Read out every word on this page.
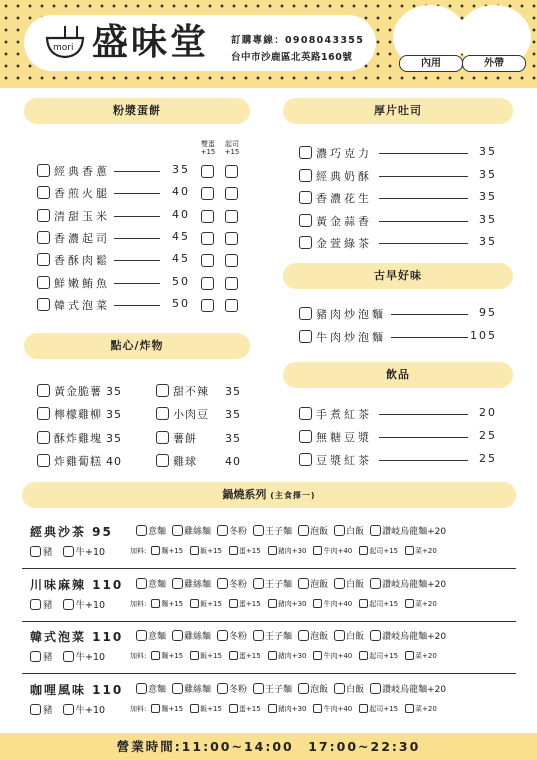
mori 盛味堂 訂購專線：0908043355
台中市沙鹿區北英路160號
內用	外帶
粉漿蛋餅
雙蛋
+15
起司
+15
經典香蔥	35
香煎火腿	40
清甜玉米	40
香濃起司	45
香酥肉鬆	45
鮮嫩鮪魚	50
韓式泡菜	50
點心/炸物
黃金脆薯 35
檸檬雞柳 35
酥炸雞塊 35
炸雞蔔糕 40
甜不辣 35
小肉豆 35
薯餅	35
雞球	40
厚片吐司
濃巧克力	35
經典奶酥	35
香濃花生	35
黃金蒜香	35
金萱綠茶	35
古早好味
豬肉炒泡麵	95
牛肉炒泡麵	105
飲品
手煮紅茶	20
無糖豆漿	25
豆漿紅茶	25
鍋燒系列 (主食擇一)
經典沙茶 95	意麵 雞絲麵 冬粉 王子麵 泡飯 白飯 讚岐烏龍麵+20
豬 牛+10	加料: 麵+15 飯+15 蛋+15 豬肉+30 牛肉+40 起司+15 菜+20
川味麻辣 110	意麵 雞絲麵 冬粉 王子麵 泡飯 白飯 讚岐烏龍麵+20
豬 牛+10	加料: 麵+15 飯+15 蛋+15 豬肉+30 牛肉+40 起司+15 菜+20
韓式泡菜 110	意麵 雞絲麵 冬粉 王子麵 泡飯 白飯 讚岐烏龍麵+20
豬 牛+10	加料: 麵+15 飯+15 蛋+15 豬肉+30 牛肉+40 起司+15 菜+20
咖哩風味 110	意麵 雞絲麵 冬粉 王子麵 泡飯 白飯 讚岐烏龍麵+20
豬 牛+10	加料: 麵+15 飯+15 蛋+15 豬肉+30 牛肉+40 起司+15 菜+20
營業時間:11:00~14:00　17:00~22:30
